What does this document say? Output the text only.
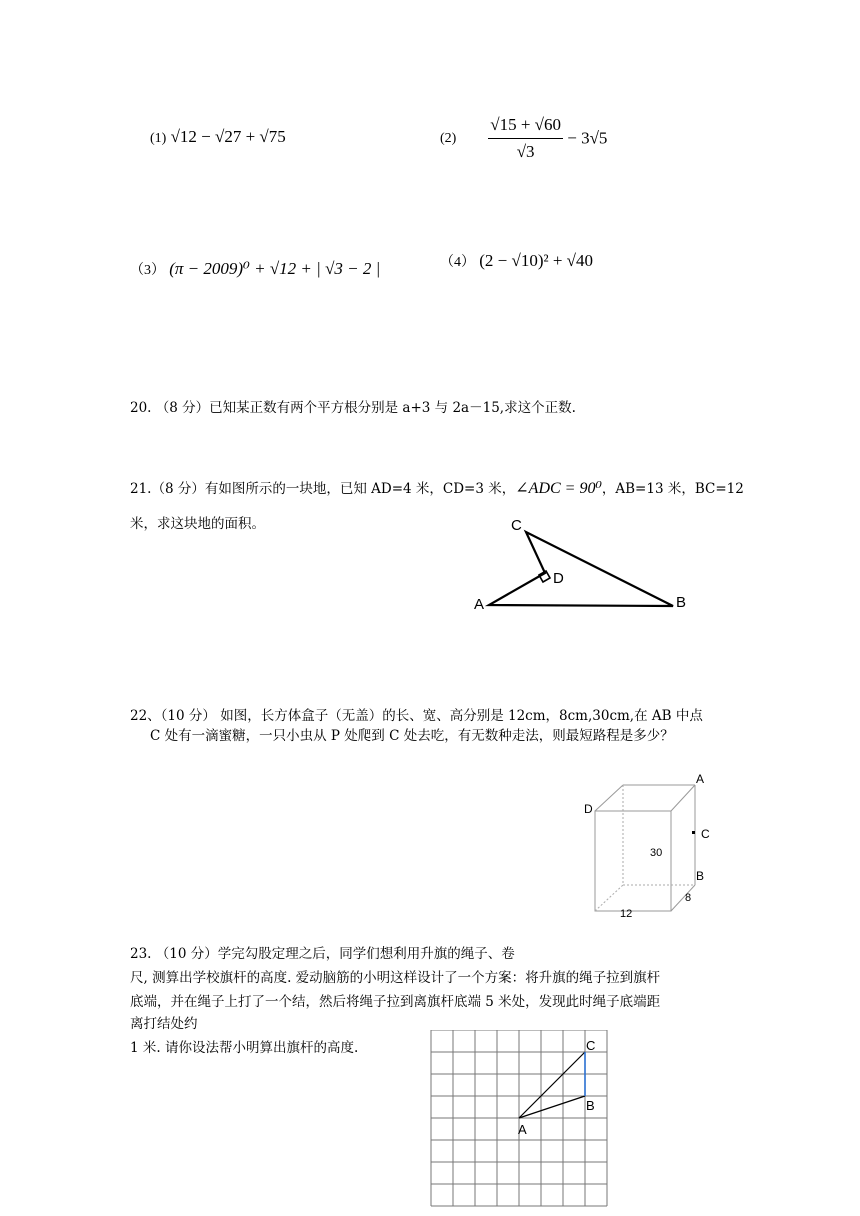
(1) √12 − √27 + √75	$(2) \frac{√15 + √60}{√3} - 3√5$
（3） (π − 2009)⁰ + √12 + | √3 − 2 |	（4） (2 − √10)² + √40
20. （8 分）已知某正数有两个平方根分别是 a+3 与 2a－15,求这个正数.
21.（8 分）有如图所示的一块地，已知 AD=4 米，CD=3 米，∠ADC = 90⁰，AB=13 米，BC=12
米，求这块地的面积。	C
D
A	B
22、（10 分） 如图，长方体盒子（无盖）的长、宽、高分别是 12cm，8cm,30cm,在 AB 中点
C 处有一滴蜜糖，一只小虫从 P 处爬到 C 处去吃，有无数种走法，则最短路程是多少？
A
D
C
30
B
8
12
23. （10 分）学完勾股定理之后，同学们想利用升旗的绳子、卷
尺, 测算出学校旗杆的高度. 爱动脑筋的小明这样设计了一个方案：将升旗的绳子拉到旗杆
底端，并在绳子上打了一个结，然后将绳子拉到离旗杆底端 5 米处，发现此时绳子底端距
离打结处约
1 米. 请你设法帮小明算出旗杆的高度.	C
B
A
